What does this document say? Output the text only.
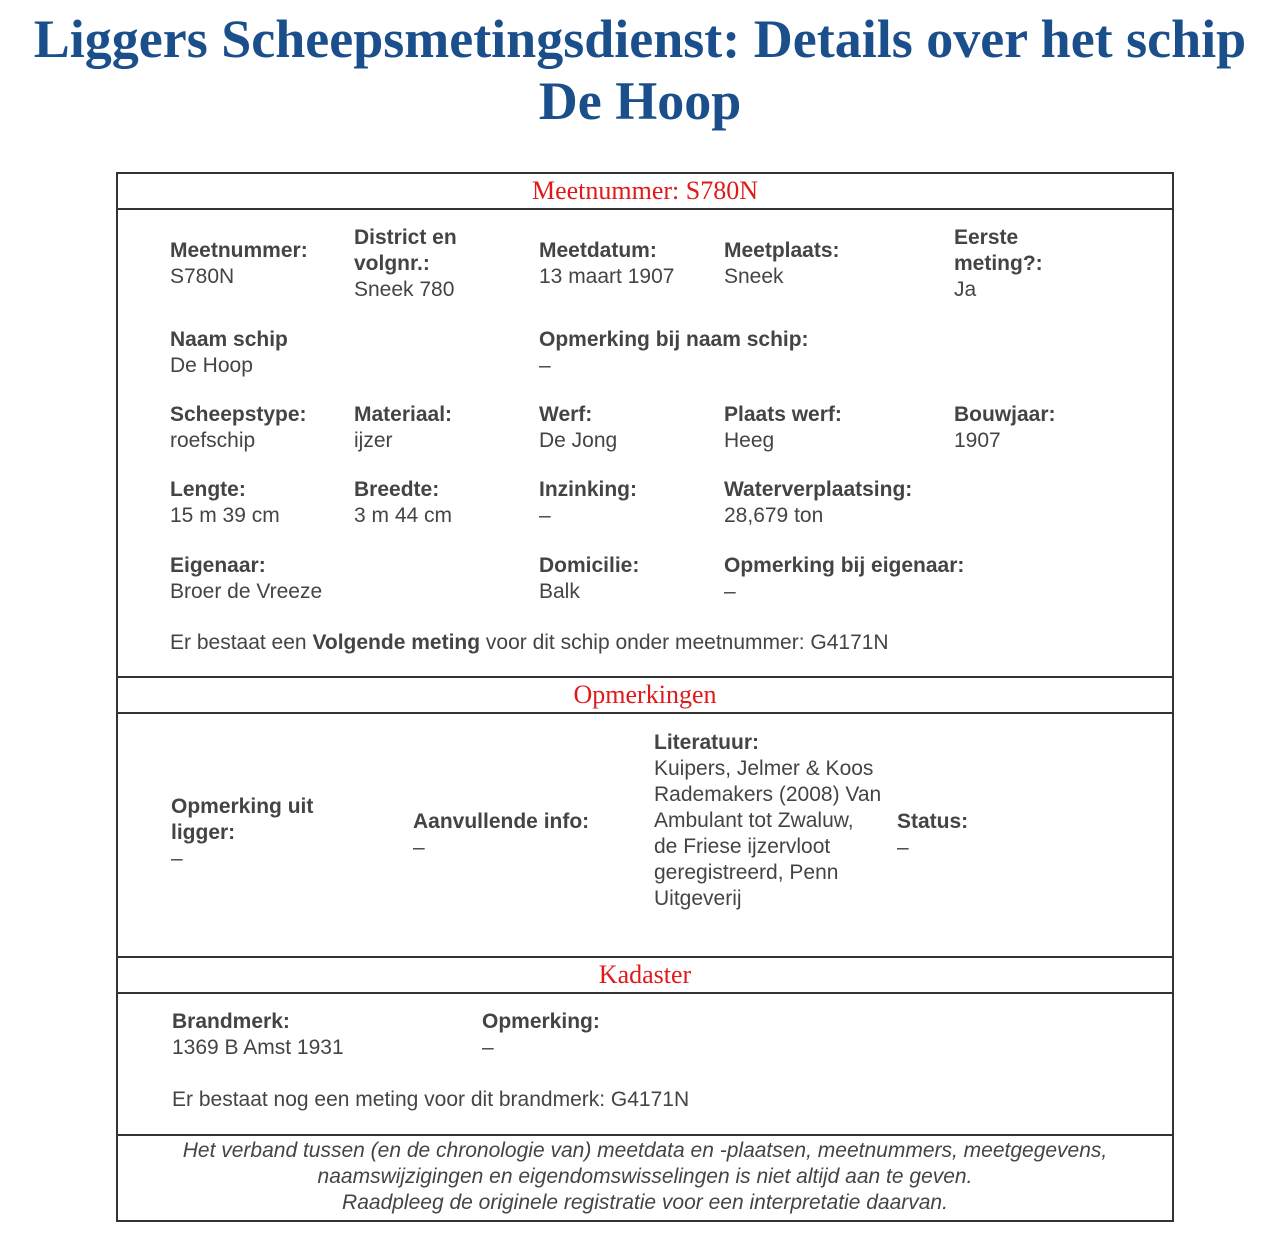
Liggers Scheepsmetingsdienst: Details over het schip De Hoop
Meetnummer: S780N
Meetnummer:
S780N
District en volgnr.:
Sneek 780
Meetdatum:
13 maart 1907
Meetplaats:
Sneek
Eerste meting?:
Ja
Naam schip
De Hoop
Opmerking bij naam schip:
–
Scheepstype:
roefschip
Materiaal:
ijzer
Werf:
De Jong
Plaats werf:
Heeg
Bouwjaar:
1907
Lengte:
15 m 39 cm
Breedte:
3 m 44 cm
Inzinking:
–
Waterverplaatsing:
28,679 ton
Eigenaar:
Broer de Vreeze
Domicilie:
Balk
Opmerking bij eigenaar:
–
Er bestaat een Volgende meting voor dit schip onder meetnummer: G4171N
Opmerkingen
Opmerking uit ligger:
–
Aanvullende info:
–
Literatuur:
Kuipers, Jelmer & Koos Rademakers (2008) Van Ambulant tot Zwaluw, de Friese ijzervloot geregistreerd, Penn Uitgeverij
Status:
–
Kadaster
Brandmerk:
1369 B Amst 1931
Opmerking:
–
Er bestaat nog een meting voor dit brandmerk: G4171N
Het verband tussen (en de chronologie van) meetdata en -plaatsen, meetnummers, meetgegevens,
naamswijzigingen en eigendomswisselingen is niet altijd aan te geven.
Raadpleeg de originele registratie voor een interpretatie daarvan.
